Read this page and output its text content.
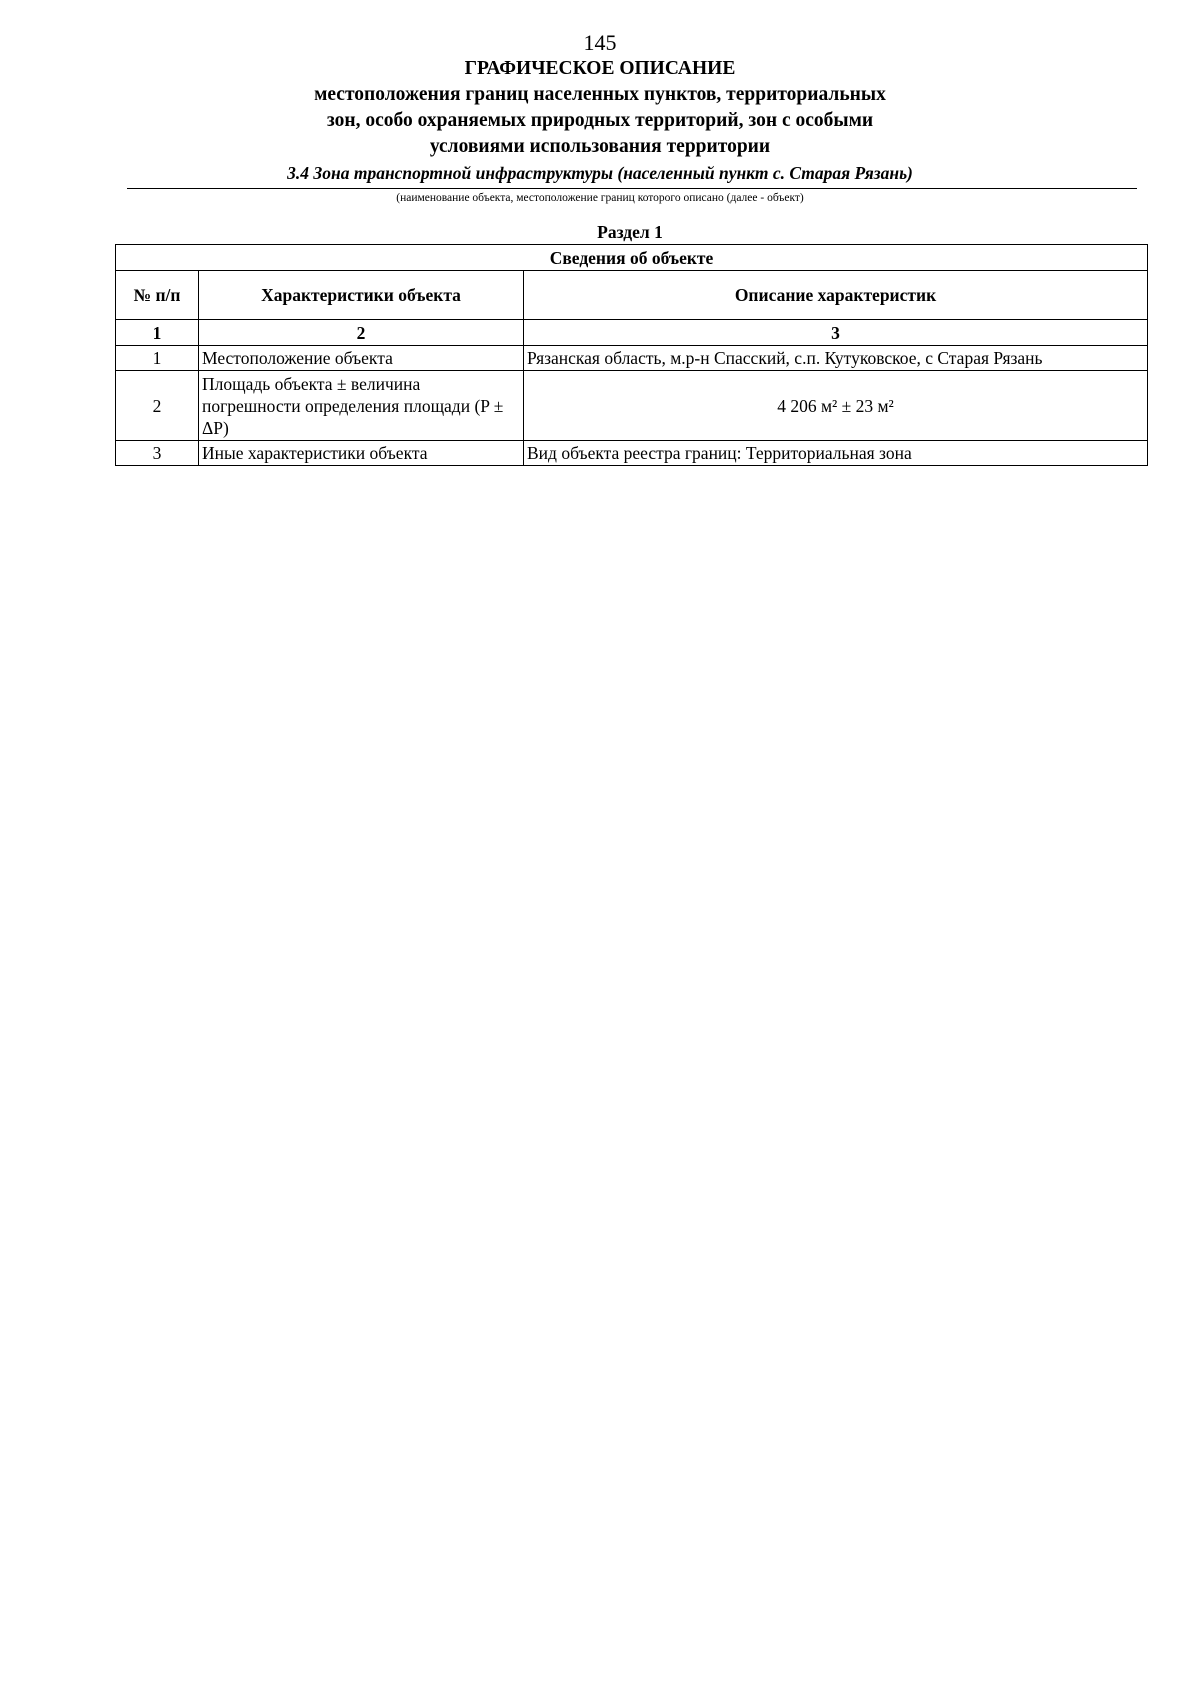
145
ГРАФИЧЕСКОЕ ОПИСАНИЕ
местоположения границ населенных пунктов, территориальных
зон, особо охраняемых природных территорий, зон с особыми
условиями использования территории
3.4 Зона транспортной инфраструктуры (населенный пункт с. Старая Рязань)
(наименование объекта, местоположение границ которого описано (далее - объект)
Раздел 1
Сведения об объекте		
№ п/п	Характеристики объекта	Описание характеристик
1	2	3
1	Местоположение объекта	Рязанская область, м.р-н Спасский, с.п. Кутуковское, с Старая Рязань
2	Площадь объекта ± величина погрешности определения площади (P ± ΔP)	4 206 м² ± 23 м²
3	Иные характеристики объекта	Вид объекта реестра границ: Территориальная зона
